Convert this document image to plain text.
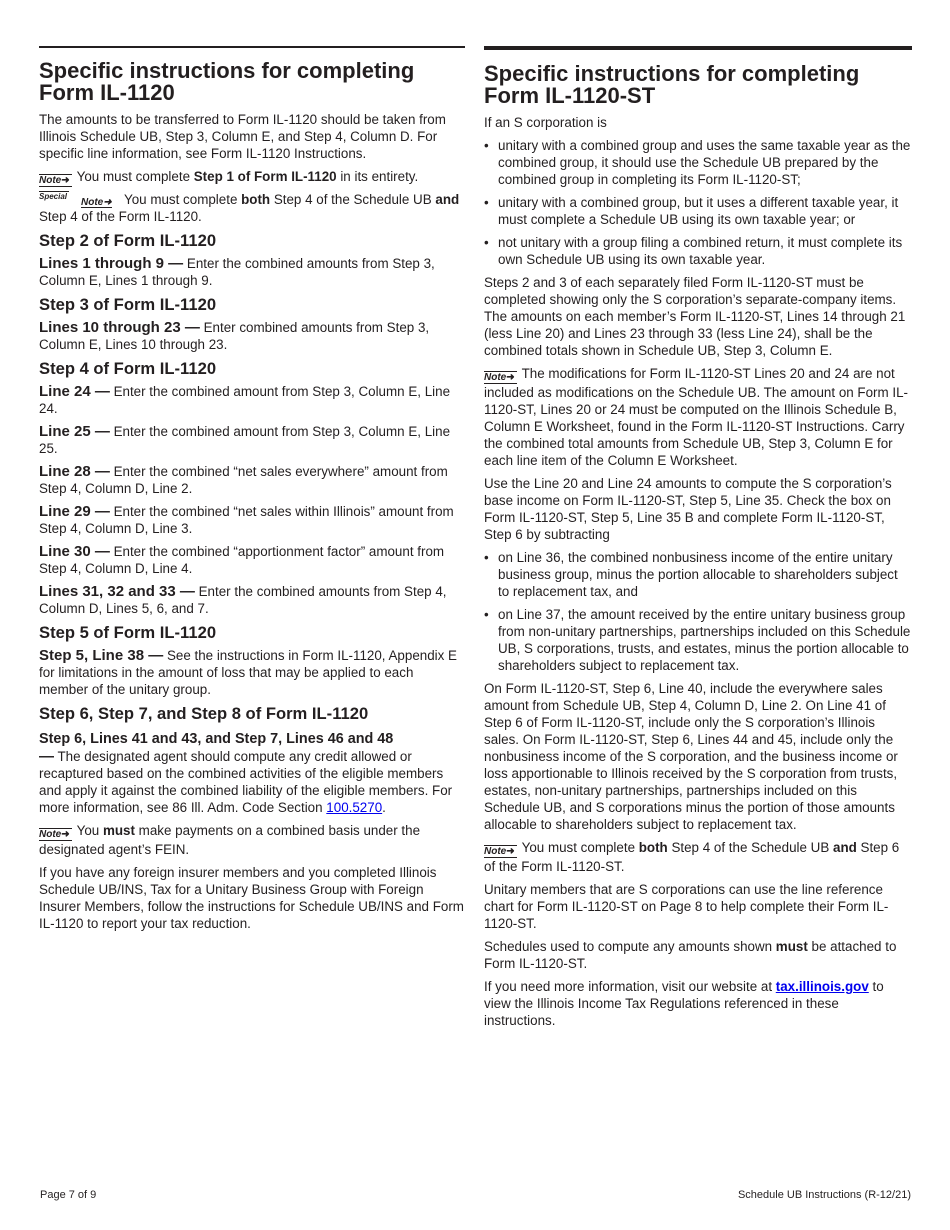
Specific instructions for completing Form IL-1120

The amounts to be transferred to Form IL-1120 should be taken from Illinois Schedule UB, Step 3, Column E, and Step 4, Column D. For specific line information, see Form IL-1120 Instructions.

Note➜ You must complete Step 1 of Form IL-1120 in its entirety.

Special
Note➜ You must complete both Step 4 of the Schedule UB and Step 4 of the Form IL-1120.

Step 2 of Form IL-1120

Lines 1 through 9 — Enter the combined amounts from Step 3, Column E, Lines 1 through 9.

Step 3 of Form IL-1120

Lines 10 through 23 — Enter combined amounts from Step 3, Column E, Lines 10 through 23.

Step 4 of Form IL-1120

Line 24 — Enter the combined amount from Step 3, Column E, Line 24.

Line 25 — Enter the combined amount from Step 3, Column E, Line 25.

Line 28 — Enter the combined “net sales everywhere” amount from Step 4, Column D, Line 2.

Line 29 — Enter the combined “net sales within Illinois” amount from Step 4, Column D, Line 3.

Line 30 — Enter the combined “apportionment factor” amount from Step 4, Column D, Line 4.

Lines 31, 32 and 33 — Enter the combined amounts from Step 4, Column D, Lines 5, 6, and 7.

Step 5 of Form IL-1120

Step 5, Line 38 — See the instructions in Form IL-1120, Appendix E for limitations in the amount of loss that may be applied to each member of the unitary group.

Step 6, Step 7, and Step 8 of Form IL-1120
Step 6, Lines 41 and 43, and Step 7, Lines 46 and 48

— The designated agent should compute any credit allowed or recaptured based on the combined activities of the eligible members and apply it against the combined liability of the eligible members. For more information, see 86 Ill. Adm. Code Section 100.5270.

Note➜ You must make payments on a combined basis under the designated agent’s FEIN.

If you have any foreign insurer members and you completed Illinois Schedule UB/INS, Tax for a Unitary Business Group with Foreign Insurer Members, follow the instructions for Schedule UB/INS and Form IL-1120 to report your tax reduction.

Specific instructions for completing Form IL-1120-ST

If an S corporation is

• unitary with a combined group and uses the same taxable year as the combined group, it should use the Schedule UB prepared by the combined group in completing its Form IL-1120-ST;
• unitary with a combined group, but it uses a different taxable year, it must complete a Schedule UB using its own taxable year; or
• not unitary with a group filing a combined return, it must complete its own Schedule UB using its own taxable year.

Steps 2 and 3 of each separately filed Form IL-1120-ST must be completed showing only the S corporation’s separate-company items. The amounts on each member’s Form IL-1120-ST, Lines 14 through 21 (less Line 20) and Lines 23 through 33 (less Line 24), shall be the combined totals shown in Schedule UB, Step 3, Column E.

Note➜ The modifications for Form IL-1120-ST Lines 20 and 24 are not included as modifications on the Schedule UB. The amount on Form IL-1120-ST, Lines 20 or 24 must be computed on the Illinois Schedule B, Column E Worksheet, found in the Form IL-1120-ST Instructions. Carry the combined total amounts from Schedule UB, Step 3, Column E for each line item of the Column E Worksheet.

Use the Line 20 and Line 24 amounts to compute the S corporation’s base income on Form IL-1120-ST, Step 5, Line 35. Check the box on Form IL-1120-ST, Step 5, Line 35 B and complete Form IL-1120-ST, Step 6 by subtracting

• on Line 36, the combined nonbusiness income of the entire unitary business group, minus the portion allocable to shareholders subject to replacement tax, and
• on Line 37, the amount received by the entire unitary business group from non-unitary partnerships, partnerships included on this Schedule UB, S corporations, trusts, and estates, minus the portion allocable to shareholders subject to replacement tax.

On Form IL-1120-ST, Step 6, Line 40, include the everywhere sales amount from Schedule UB, Step 4, Column D, Line 2. On Line 41 of Step 6 of Form IL-1120-ST, include only the S corporation’s Illinois sales. On Form IL-1120-ST, Step 6, Lines 44 and 45, include only the nonbusiness income of the S corporation, and the business income or loss apportionable to Illinois received by the S corporation from trusts, estates, non-unitary partnerships, partnerships included on this Schedule UB, and S corporations minus the portion of those amounts allocable to shareholders subject to replacement tax.

Note➜ You must complete both Step 4 of the Schedule UB and Step 6 of the Form IL-1120-ST.

Unitary members that are S corporations can use the line reference chart for Form IL-1120-ST on Page 8 to help complete their Form IL-1120-ST.

Schedules used to compute any amounts shown must be attached to Form IL-1120-ST.

If you need more information, visit our website at tax.illinois.gov to view the Illinois Income Tax Regulations referenced in these instructions.

Page 7 of 9	Schedule UB Instructions (R-12/21)
